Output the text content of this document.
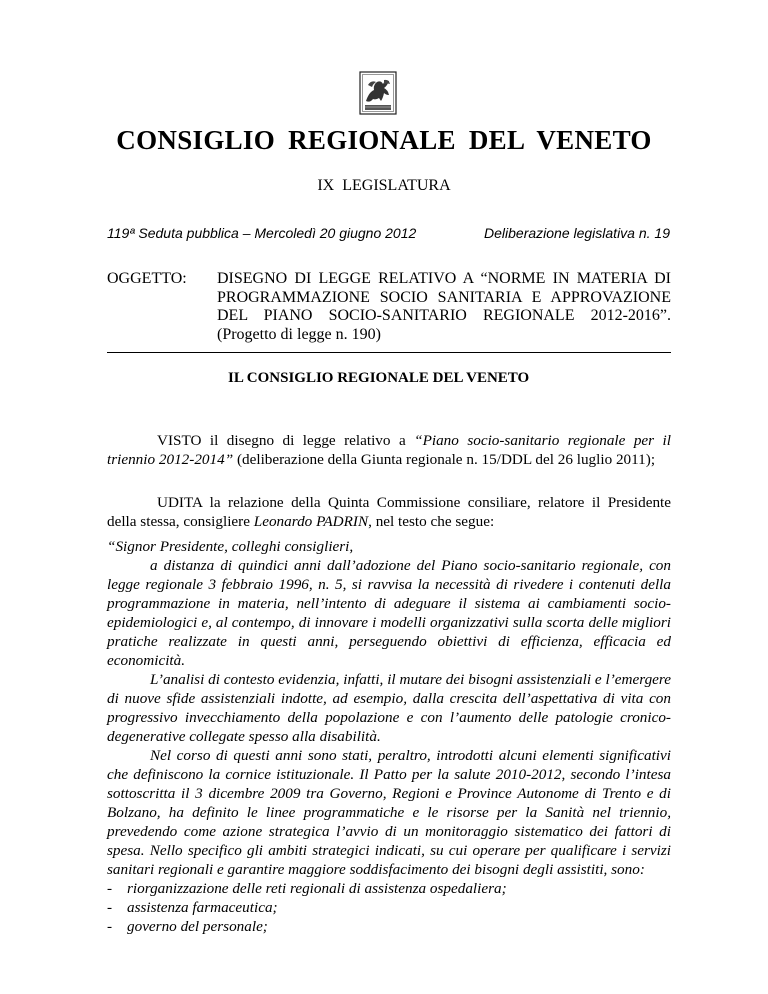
CONSIGLIO REGIONALE DEL VENETO
IX LEGISLATURA
119ª Seduta pubblica – Mercoledì 20 giugno 2012	Deliberazione legislativa n. 19
OGGETTO: DISEGNO DI LEGGE RELATIVO A “NORME IN MATERIA DI
PROGRAMMAZIONE SOCIO SANITARIA E APPROVAZIONE
DEL PIANO SOCIO-SANITARIO REGIONALE 2012-2016”.
(Progetto di legge n. 190)
IL CONSIGLIO REGIONALE DEL VENETO

VISTO il disegno di legge relativo a “Piano socio-sanitario regionale per il triennio 2012-2014” (deliberazione della Giunta regionale n. 15/DDL del 26 luglio 2011);

UDITA la relazione della Quinta Commissione consiliare, relatore il Presidente della stessa, consigliere Leonardo PADRIN, nel testo che segue:

“Signor Presidente, colleghi consiglieri,

a distanza di quindici anni dall’adozione del Piano socio-sanitario regionale, con legge regionale 3 febbraio 1996, n. 5, si ravvisa la necessità di rivedere i contenuti della programmazione in materia, nell’intento di adeguare il sistema ai cambiamenti socio-epidemiologici e, al contempo, di innovare i modelli organizzativi sulla scorta delle migliori pratiche realizzate in questi anni, perseguendo obiettivi di efficienza, efficacia ed economicità.

L’analisi di contesto evidenzia, infatti, il mutare dei bisogni assistenziali e l’emergere di nuove sfide assistenziali indotte, ad esempio, dalla crescita dell’aspettativa di vita con progressivo invecchiamento della popolazione e con l’aumento delle patologie cronico-degenerative collegate spesso alla disabilità.

Nel corso di questi anni sono stati, peraltro, introdotti alcuni elementi significativi che definiscono la cornice istituzionale. Il Patto per la salute 2010-2012, secondo l’intesa sottoscritta il 3 dicembre 2009 tra Governo, Regioni e Province Autonome di Trento e di Bolzano, ha definito le linee programmatiche e le risorse per la Sanità nel triennio, prevedendo come azione strategica l’avvio di un monitoraggio sistematico dei fattori di spesa. Nello specifico gli ambiti strategici indicati, su cui operare per qualificare i servizi sanitari regionali e garantire maggiore soddisfacimento dei bisogni degli assistiti, sono:

- riorganizzazione delle reti regionali di assistenza ospedaliera;
- assistenza farmaceutica;
- governo del personale;
